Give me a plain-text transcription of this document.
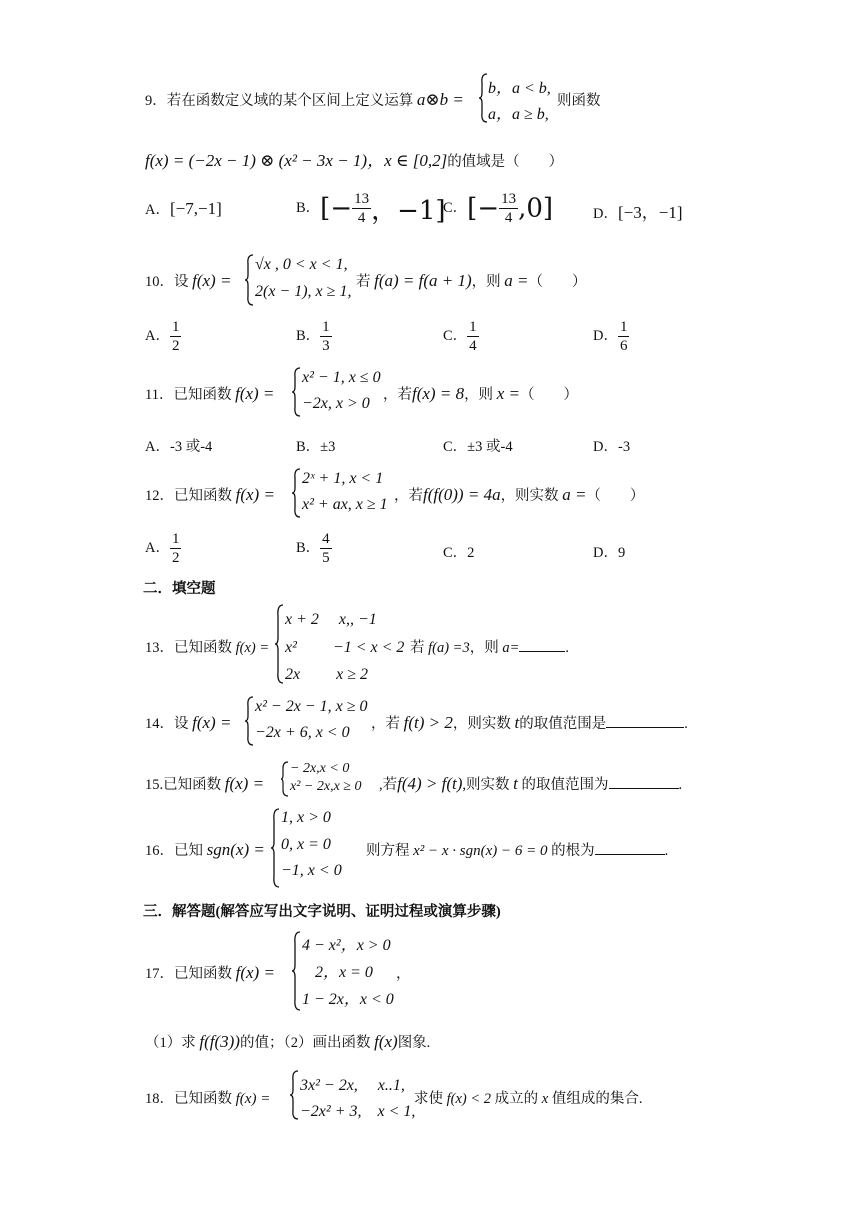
9．若在函数定义域的某个区间上定义运算 a⊗b =
b，a < b,
a，a ≥ b,
则函数
f(x) = (−2x − 1) ⊗ (x² − 3x − 1)，x ∈ [0,2]的值域是（　　）
A．[−7,−1]	B．[− $\frac{13}{4}$ ，−1]
C．[− $\frac{13}{4} ,0$]	D．[−3，−1]
10．设 f(x) =
√x , 0 < x < 1,
2(x − 1), x ≥ 1,
若 f(a) = f(a + 1)，则 a =（　　）
A． $\frac{1}{2}$	B． $\frac{1}{3}$	C． $\frac{1}{4}$	D． $\frac{1}{6}$
11．已知函数 f(x) =
x² − 1, x ≤ 0
−2x, x > 0 ，若f(x) = 8，则 x =（　　）
A．-3 或-4	B．±3	C．±3 或-4	D．-3
12．已知函数 f(x) =
2ˣ + 1, x < 1
x² + ax, x ≥ 1 ，若f(f(0)) = 4a，则实数 a =（　　）
A． $\frac{1}{2}$	B． $\frac{4}{5}$	C．2	D．9
二．填空题
13．已知函数 f(x) =
x + 2　 x,, −1
x²　　 −1 < x < 2
2x　　 x ≥ 2
若 f(a) =3，则 a=	.
14．设 f(x) =
x² − 2x − 1, x ≥ 0
−2x + 6, x < 0 ，若 f(t) > 2，则实数 t的取值范围是	.
15.已知函数 f(x) =
− 2x,x < 0
x² − 2x,x ≥ 0 ,若f(4) > f(t),则实数 t 的取值范围为	.
16．已知 sgn(x) =
1, x > 0
0, x = 0
−1, x < 0
则方程 x² − x · sgn(x) − 6 = 0 的根为	.
三．解答题(解答应写出文字说明、证明过程或演算步骤)
17．已知函数 f(x) =
4 − x²，x > 0
2，x = 0
1 − 2x，x < 0
，
（1）求 f(f(3))的值；（2）画出函数 f(x)图象.
18．已知函数 f(x) =
3x² − 2x,　 x..1,
−2x² + 3,　x < 1,
求使 f(x) < 2 成立的 x 值组成的集合.
